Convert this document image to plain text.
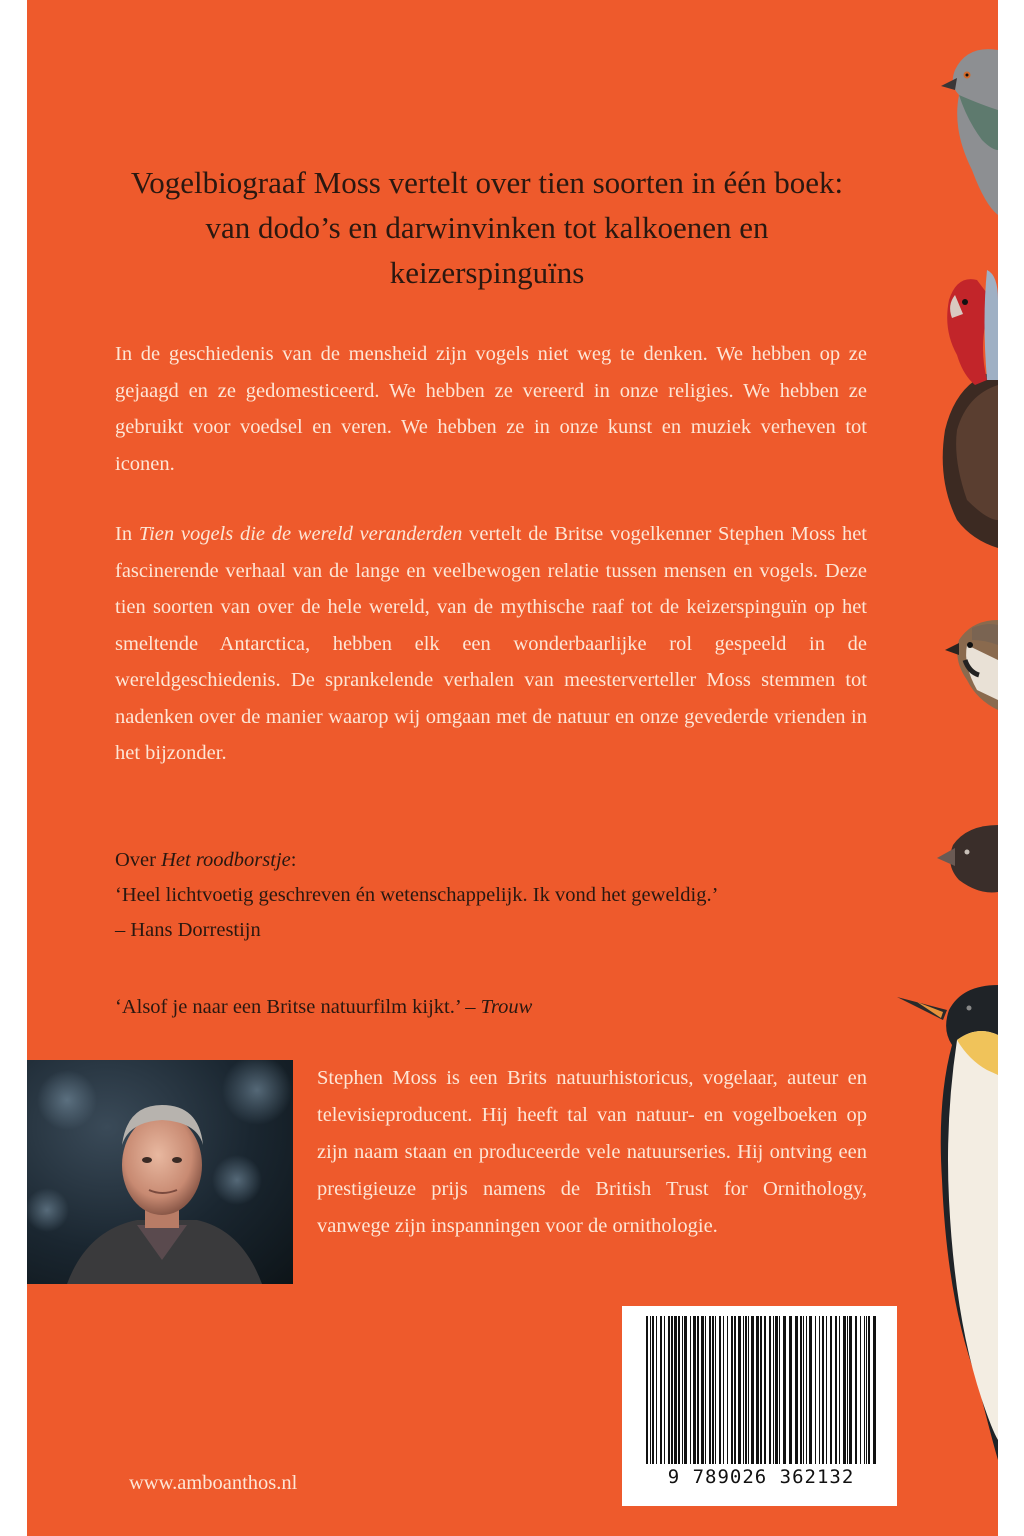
Vogelbiograaf Moss vertelt over tien soorten in één boek: van dodo’s en darwinvinken tot kalkoenen en keizerspinguïns

In de geschiedenis van de mensheid zijn vogels niet weg te denken. We hebben op ze gejaagd en ze gedomesticeerd. We hebben ze vereerd in onze religies. We hebben ze gebruikt voor voedsel en veren. We hebben ze in onze kunst en muziek verheven tot iconen.

In Tien vogels die de wereld veranderden vertelt de Britse vogelkenner Stephen Moss het fascinerende verhaal van de lange en veelbewogen relatie tussen mensen en vogels. Deze tien soorten van over de hele wereld, van de mythische raaf tot de keizerspinguïn op het smeltende Antarctica, hebben elk een wonderbaarlijke rol gespeeld in de wereldgeschiedenis. De sprankelende verhalen van meesterverteller Moss stemmen tot nadenken over de manier waarop wij omgaan met de natuur en onze gevederde vrienden in het bijzonder.

Over Het roodborstje:
‘Heel lichtvoetig geschreven én wetenschappelijk. Ik vond het geweldig.’
– Hans Dorrestijn
‘Alsof je naar een Britse natuurfilm kijkt.’ – Trouw

Stephen Moss is een Brits natuurhistoricus, vogelaar, auteur en televisieproducent. Hij heeft tal van natuur- en vogelboeken op zijn naam staan en produceerde vele natuurseries. Hij ontving een prestigieuze prijs namens de British Trust for Ornithology, vanwege zijn inspanningen voor de ornithologie.

9 789026 362132

www.amboanthos.nl
